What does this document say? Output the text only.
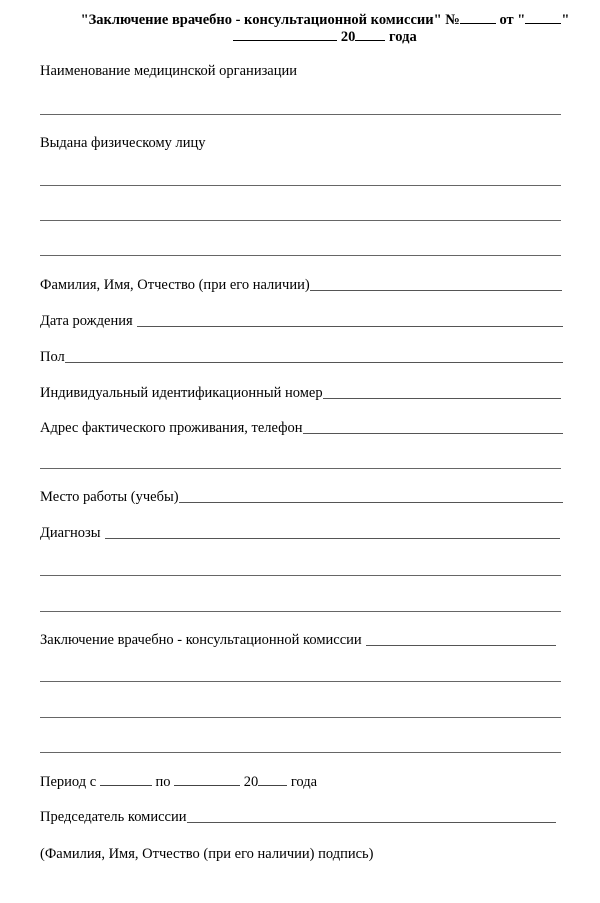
"Заключение врачебно - консультационной комиссии" № от " "
20 года
Наименование медицинской организации
Выдана физическому лицу
Фамилия, Имя, Отчество (при его наличии)
Дата рождения
Пол
Индивидуальный идентификационный номер
Адрес фактического проживания, телефон
Место работы (учебы)
Диагнозы
Заключение врачебно - консультационной комиссии
Период с	по	20 года
Председатель комиссии
(Фамилия, Имя, Отчество (при его наличии) подпись)
